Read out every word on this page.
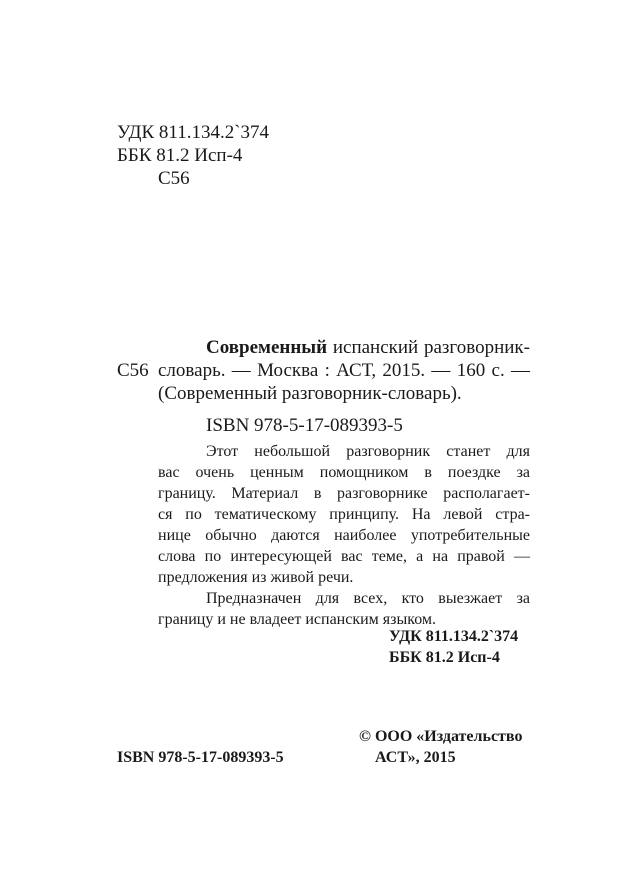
УДК 811.134.2`374
ББК 81.2 Исп-4
С56
С56
Современный испанский разговорник-
словарь. — Москва : АСТ, 2015. — 160 с. —
(Современный разговорник-словарь).
ISBN 978-5-17-089393-5
Этот небольшой разговорник станет для
вас очень ценным помощником в поездке за
границу. Материал в разговорнике располагает-
ся по тематическому принципу. На левой стра-
нице обычно даются наиболее употребительные
слова по интересующей вас теме, а на правой —
предложения из живой речи.
Предназначен для всех, кто выезжает за
границу и не владеет испанским языком.
УДК 811.134.2`374
ББК 81.2 Исп-4
© ООО «Издательство
АСТ», 2015
ISBN 978-5-17-089393-5
